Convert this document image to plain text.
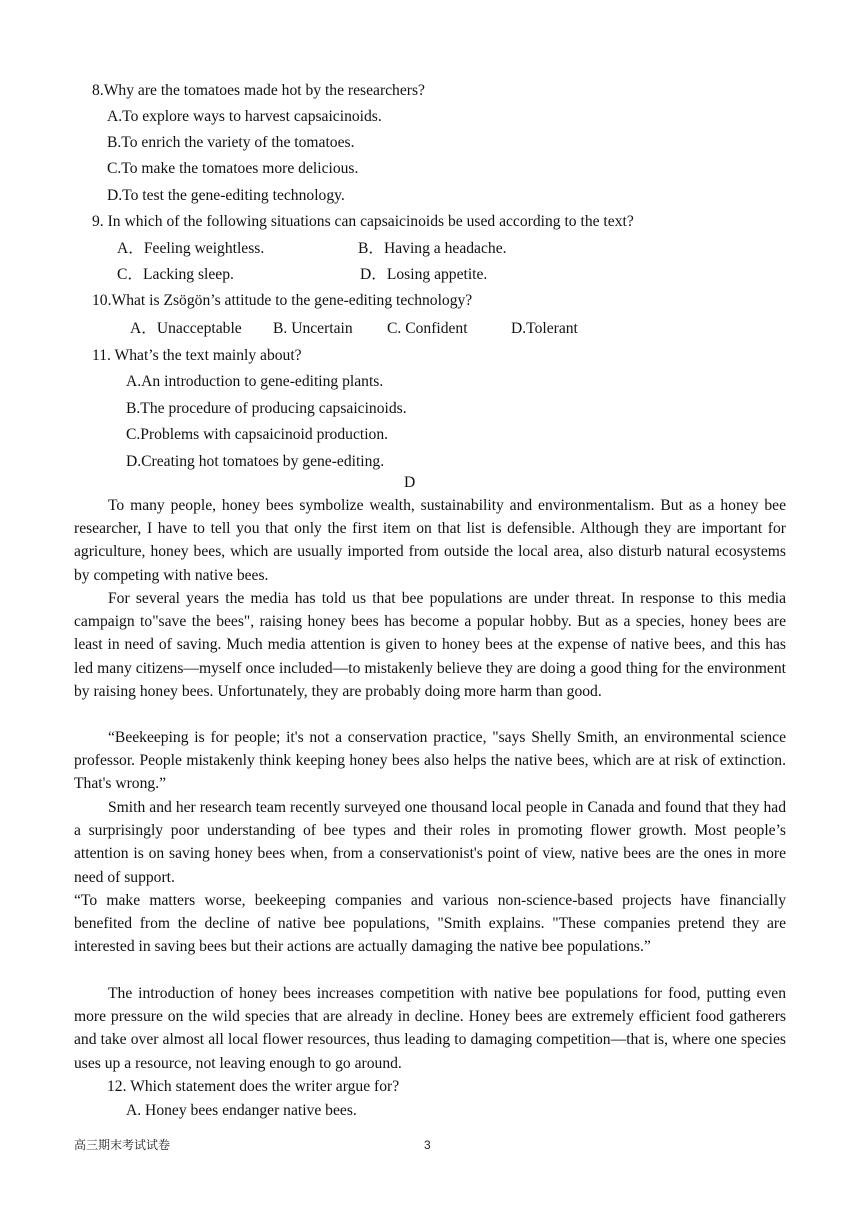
8.Why are the tomatoes made hot by the researchers?
A.To explore ways to harvest capsaicinoids.
B.To enrich the variety of the tomatoes.
C.To make the tomatoes more delicious.
D.To test the gene-editing technology.
9. In which of the following situations can capsaicinoids be used according to the text?
A．Feeling weightless.	B．Having a headache.
C．Lacking sleep.	D．Losing appetite.
10.What is Zsögön’s attitude to the gene-editing technology?
A．Unacceptable B. Uncertain C. Confident	D.Tolerant
11. What’s the text mainly about?
A.An introduction to gene-editing plants.
B.The procedure of producing capsaicinoids.
C.Problems with capsaicinoid production.
D.Creating hot tomatoes by gene-editing.
D

To many people, honey bees symbolize wealth, sustainability and environmentalism. But as a honey bee researcher, I have to tell you that only the first item on that list is defensible. Although they are important for agriculture, honey bees, which are usually imported from outside the local area, also disturb natural ecosystems by competing with native bees.

For several years the media has told us that bee populations are under threat. In response to this media campaign to"save the bees", raising honey bees has become a popular hobby. But as a species, honey bees are least in need of saving. Much media attention is given to honey bees at the expense of native bees, and this has led many citizens—myself once included—to mistakenly believe they are doing a good thing for the environment by raising honey bees. Unfortunately, they are probably doing more harm than good.

“Beekeeping is for people; it's not a conservation practice, "says Shelly Smith, an environmental science professor. People mistakenly think keeping honey bees also helps the native bees, which are at risk of extinction. That's wrong.”

Smith and her research team recently surveyed one thousand local people in Canada and found that they had a surprisingly poor understanding of bee types and their roles in promoting flower growth. Most people’s attention is on saving honey bees when, from a conservationist's point of view, native bees are the ones in more need of support.

“To make matters worse, beekeeping companies and various non-science-based projects have financially benefited from the decline of native bee populations, "Smith explains. "These companies pretend they are interested in saving bees but their actions are actually damaging the native bee populations.”

The introduction of honey bees increases competition with native bee populations for food, putting even more pressure on the wild species that are already in decline. Honey bees are extremely efficient food gatherers and take over almost all local flower resources, thus leading to damaging competition—that is, where one species uses up a resource, not leaving enough to go around.

12. Which statement does the writer argue for?
A. Honey bees endanger native bees.
高三期末考试试卷	3
